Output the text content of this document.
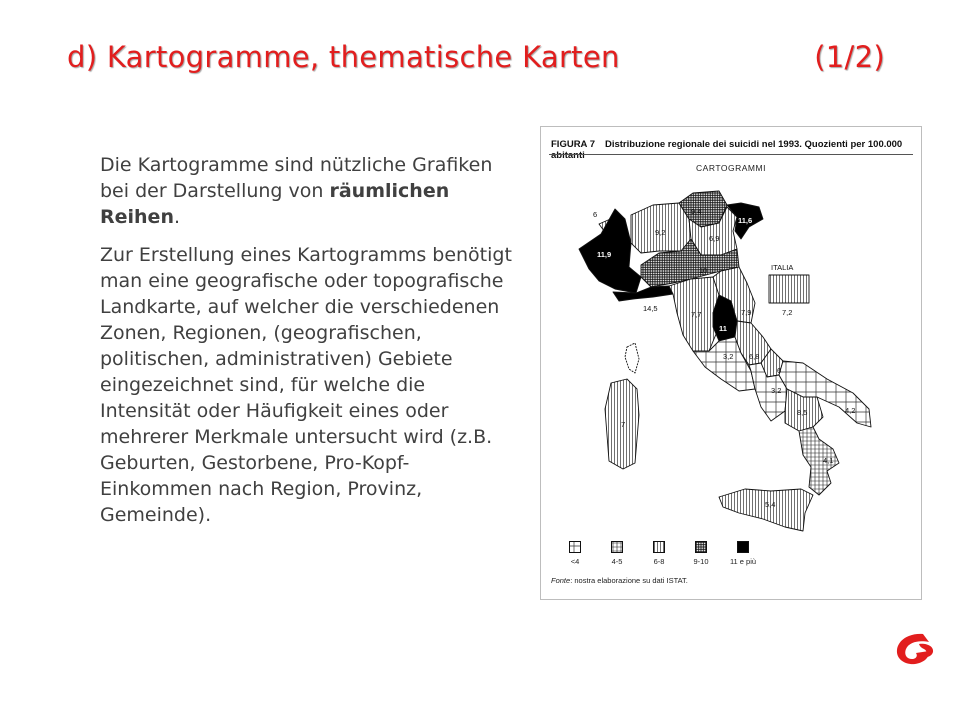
d) Kartogramme, thematische Karten	(1/2)

Die Kartogramme sind nützliche Grafiken bei der Darstellung von räumlichen Reihen.

Zur Erstellung eines Kartogramms benötigt man eine geografische oder topografische Landkarte, auf welcher die verschiedenen Zonen, Regionen, (geografischen, politischen, administrativen) Gebiete eingezeichnet sind, für welche die Intensität oder Häufigkeit eines oder mehrerer Merkmale untersucht wird (z.B. Geburten, Gestorbene, Pro-Kopf-Einkommen nach Region, Provinz, Gemeinde).

FIGURA 7 Distribuzione regionale dei suicidi nel 1993. Quozienti per 100.000 abitanti
CARTOGRAMMI
6
11,9
14,5
9,2
9,4
11,6
6,9
10
7,7
11
7,9
3,2 6,8
6
3,2
4,2
8,5
4,1
5,4
7
ITALIA
7,2
<4	4-5	6-8	9-10	11 e più
Fonte: nostra elaborazione su dati ISTAT.
